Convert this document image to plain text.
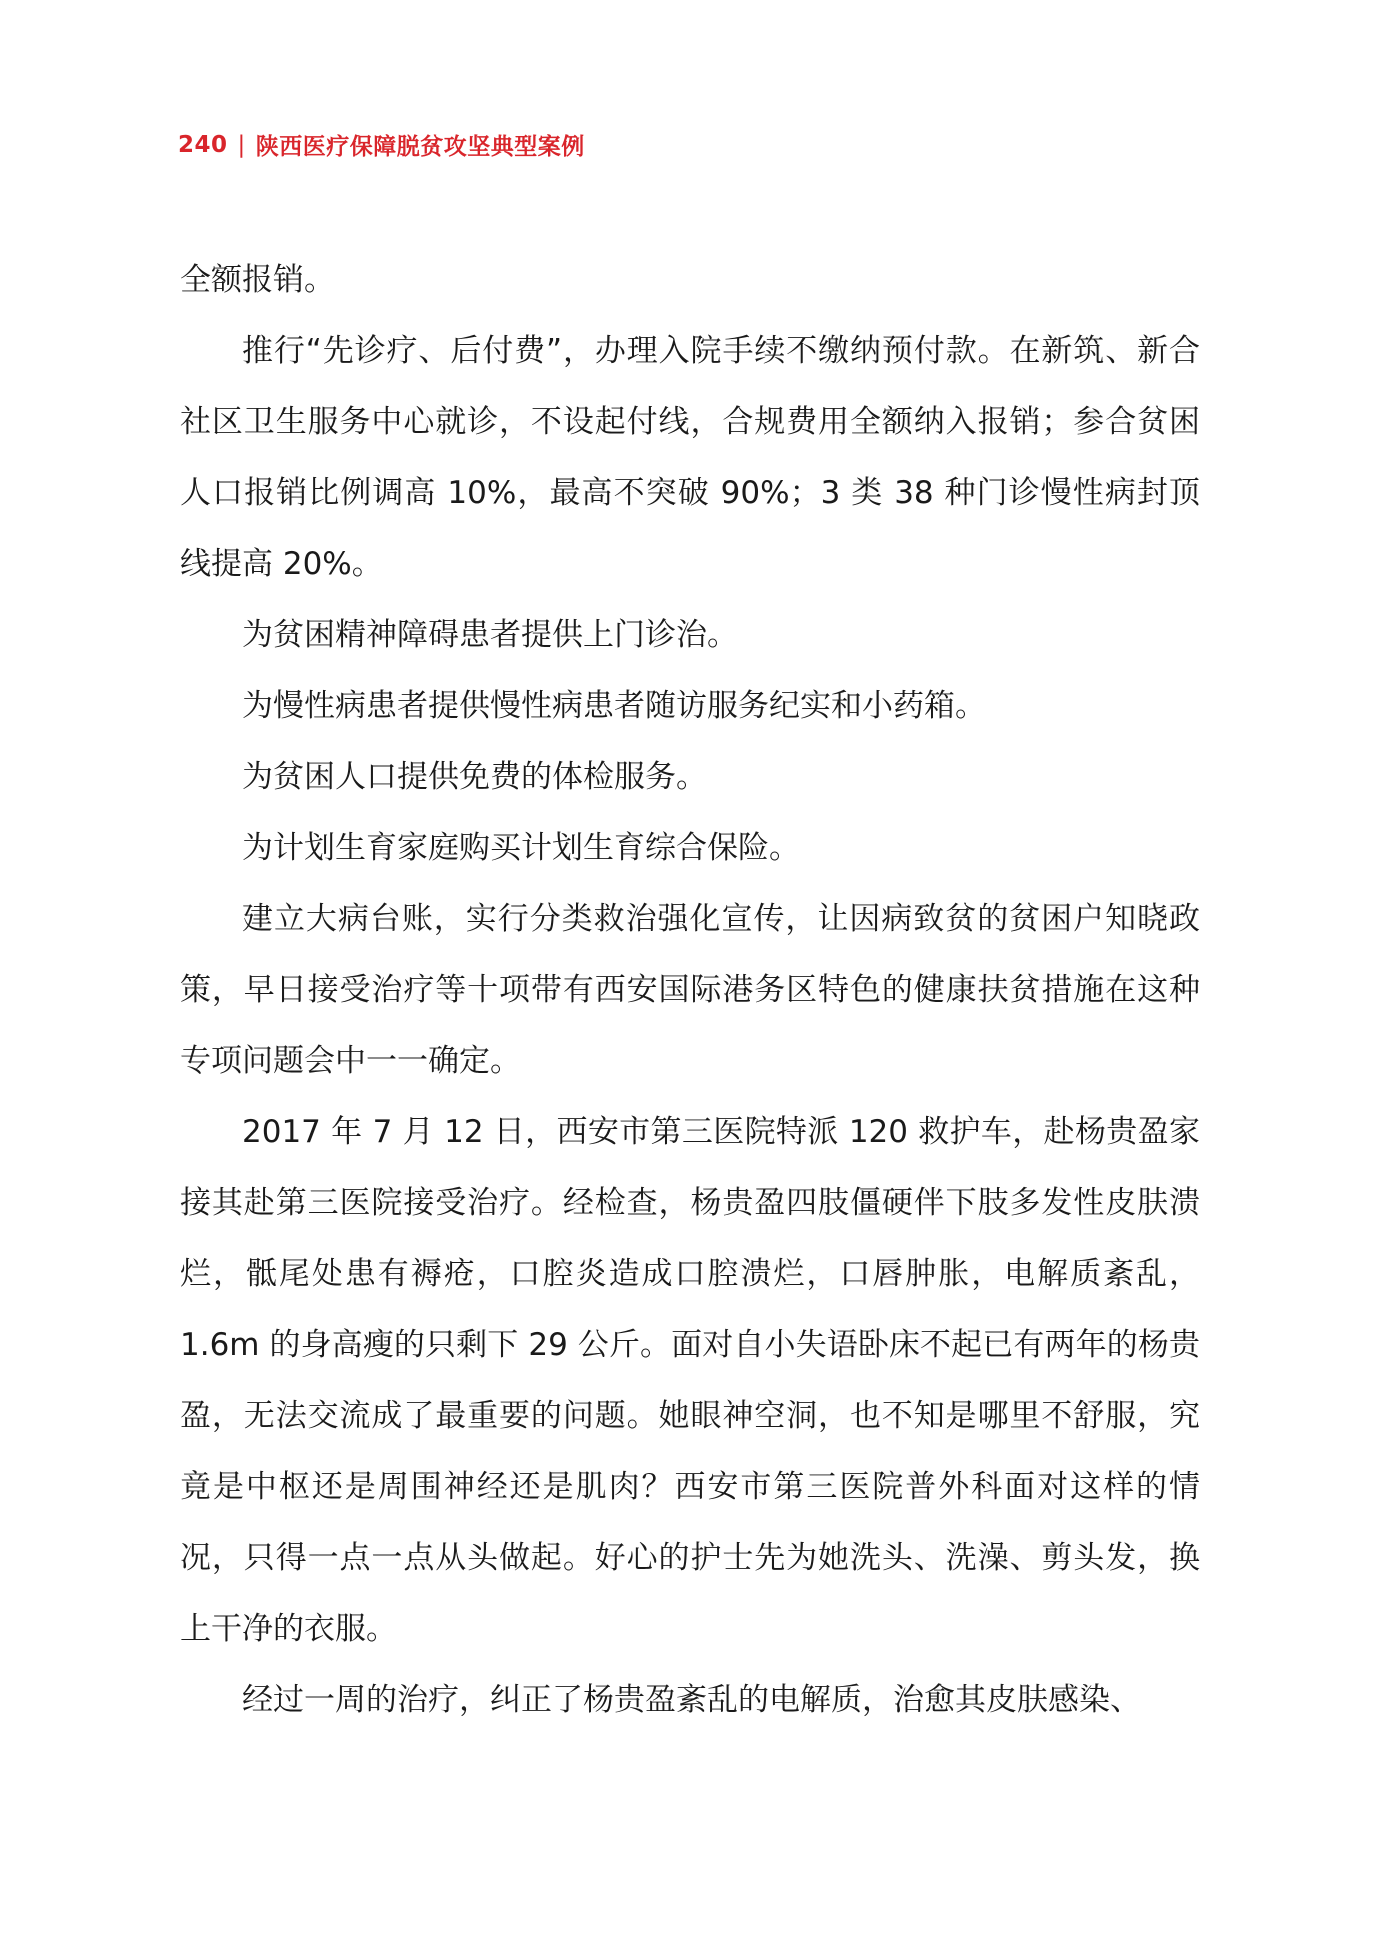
240 | 陕西医疗保障脱贫攻坚典型案例

全额报销。

推行“先诊疗、后付费”，办理入院手续不缴纳预付款。在新筑、新合社区卫生服务中心就诊，不设起付线，合规费用全额纳入报销；参合贫困人口报销比例调高 10%，最高不突破 90%；3 类 38 种门诊慢性病封顶线提高 20%。

为贫困精神障碍患者提供上门诊治。

为慢性病患者提供慢性病患者随访服务纪实和小药箱。

为贫困人口提供免费的体检服务。

为计划生育家庭购买计划生育综合保险。

建立大病台账，实行分类救治强化宣传，让因病致贫的贫困户知晓政策，早日接受治疗等十项带有西安国际港务区特色的健康扶贫措施在这种专项问题会中一一确定。

2017 年 7 月 12 日，西安市第三医院特派 120 救护车，赴杨贵盈家接其赴第三医院接受治疗。经检查，杨贵盈四肢僵硬伴下肢多发性皮肤溃烂，骶尾处患有褥疮，口腔炎造成口腔溃烂，口唇肿胀，电解质紊乱，1.6m 的身高瘦的只剩下 29 公斤。面对自小失语卧床不起已有两年的杨贵盈，无法交流成了最重要的问题。她眼神空洞，也不知是哪里不舒服，究竟是中枢还是周围神经还是肌肉？西安市第三医院普外科面对这样的情况，只得一点一点从头做起。好心的护士先为她洗头、洗澡、剪头发，换上干净的衣服。

经过一周的治疗，纠正了杨贵盈紊乱的电解质，治愈其皮肤感染、
